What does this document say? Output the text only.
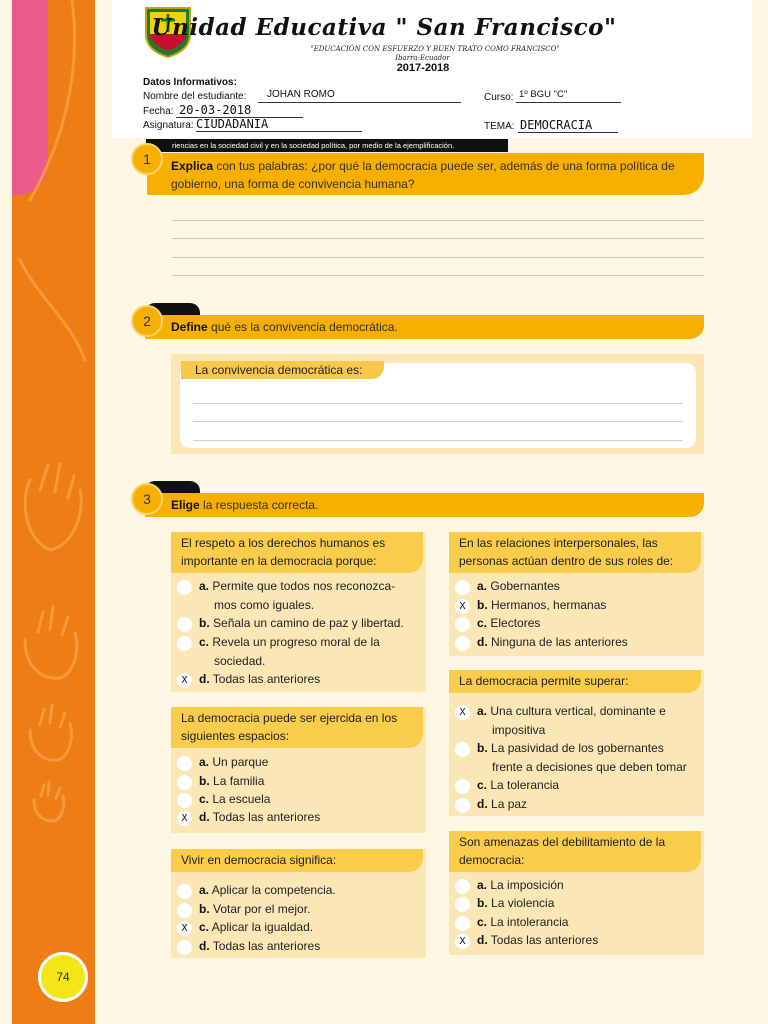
74
Unidad Educativa " San Francisco"
"EDUCACIÓN CON ESFUERZO Y BUEN TRATO COMO FRANCISCO"
Ibarra-Ecuador
2017-2018
Datos Informativos:
Nombre del estudiante: JOHAN ROMO
Fecha: 20-03-2018
Asignatura: CIUDADANIA
Curso: 1º BGU "C"
TEMA: DEMOCRACIA
riencias en la sociedad civil y en la sociedad política, por medio de la ejemplificación.
Explica con tus palabras: ¿por qué la democracia puede ser, además de una forma política de gobierno, una forma de convivencia humana?
1
Define qué es la convivencia democrática.
2
La convivencia democrática es:
Elige la respuesta correcta.
3
El respeto a los derechos humanos es
importante en la democracia porque:
a. Permite que todos nos reconozca-
mos como iguales.
b. Señala un camino de paz y libertad.
c. Revela un progreso moral de la
sociedad.
X d. Todas las anteriores
La democracia puede ser ejercida en los
siguientes espacios:
a. Un parque
b. La familia
c. La escuela
X d. Todas las anteriores
Vivir en democracia significa:
a. Aplicar la competencia.
b. Votar por el mejor.
X c. Aplicar la igualdad.
d. Todas las anteriores
En las relaciones interpersonales, las
personas actúan dentro de sus roles de:
a. Gobernantes
X b. Hermanos, hermanas
c. Electores
d. Ninguna de las anteriores
La democracia permite superar:
X a. Una cultura vertical, dominante e
impositiva
b. La pasividad de los gobernantes
frente a decisiones que deben tomar
c. La tolerancia
d. La paz
Son amenazas del debilitamiento de la
democracia:
a. La imposición
b. La violencia
c. La intolerancia
X d. Todas las anteriores
